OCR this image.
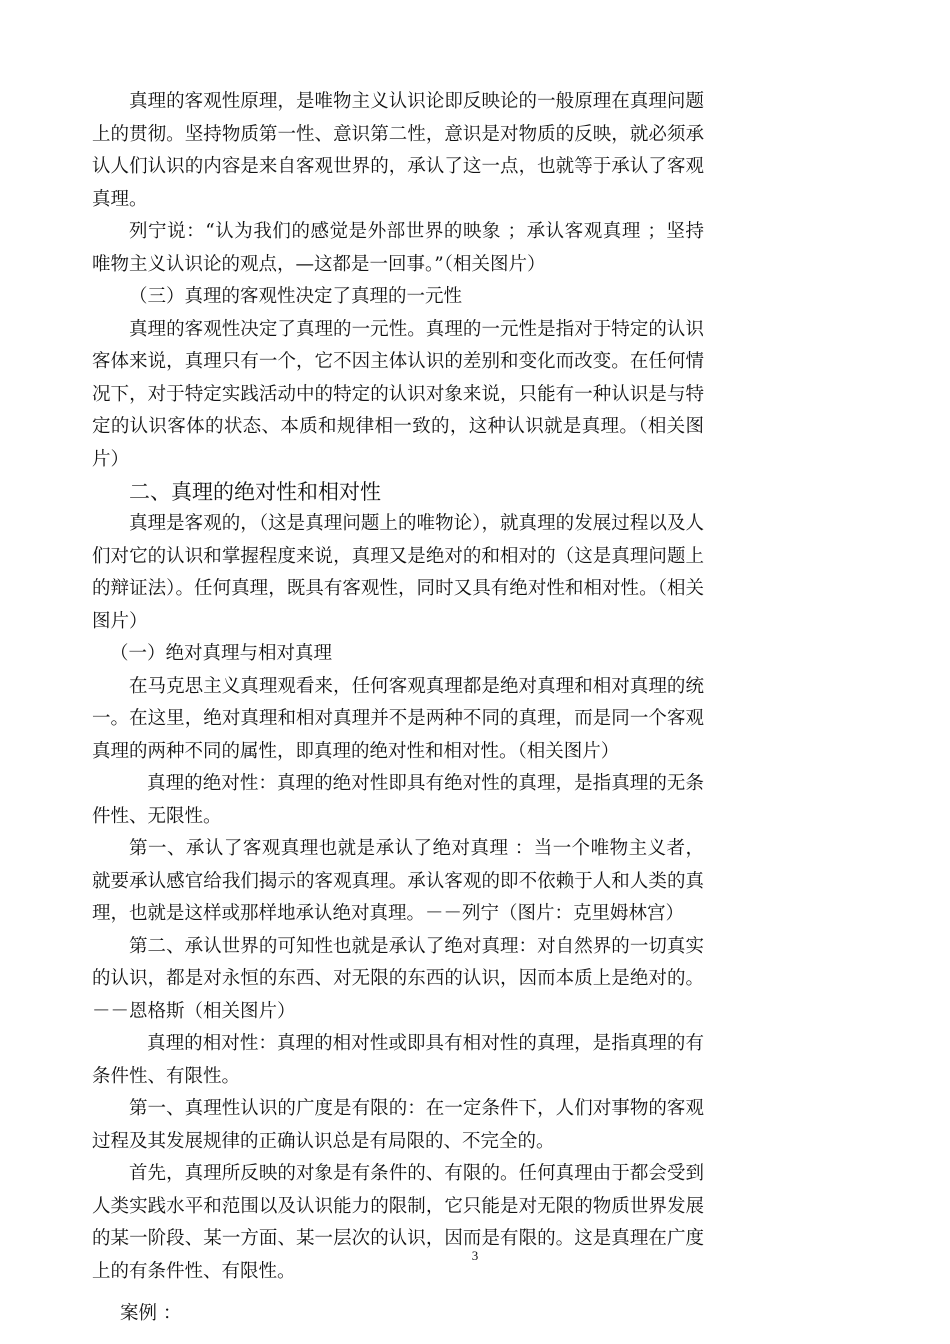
真理的客观性原理，是唯物主义认识论即反映论的一般原理在真理问题上的贯彻。坚持物质第一性、意识第二性，意识是对物质的反映，就必须承认人们认识的内容是来自客观世界的，承认了这一点，也就等于承认了客观真理。

列宁说：“认为我们的感觉是外部世界的映象 ；承认客观真理 ；坚持唯物主义认识论的观点，—这都是一回事。”（相关图片）

（三）真理的客观性决定了真理的一元性

真理的客观性决定了真理的一元性。真理的一元性是指对于特定的认识客体来说，真理只有一个，它不因主体认识的差别和变化而改变。在任何情况下，对于特定实践活动中的特定的认识对象来说，只能有一种认识是与特定的认识客体的状态、本质和规律相一致的，这种认识就是真理。（相关图片）

二、真理的绝对性和相对性

真理是客观的，（这是真理问题上的唯物论），就真理的发展过程以及人们对它的认识和掌握程度来说，真理又是绝对的和相对的（这是真理问题上的辩证法）。任何真理，既具有客观性，同时又具有绝对性和相对性。（相关图片）

（一）绝对真理与相对真理

在马克思主义真理观看来，任何客观真理都是绝对真理和相对真理的统一。在这里，绝对真理和相对真理并不是两种不同的真理，而是同一个客观真理的两种不同的属性，即真理的绝对性和相对性。（相关图片）

真理的绝对性：真理的绝对性即具有绝对性的真理，是指真理的无条件性、无限性。

第一、承认了客观真理也就是承认了绝对真理 ：当一个唯物主义者，就要承认感官给我们揭示的客观真理。承认客观的即不依赖于人和人类的真理，也就是这样或那样地承认绝对真理。－－列宁（图片：克里姆林宫）

第二、承认世界的可知性也就是承认了绝对真理：对自然界的一切真实的认识，都是对永恒的东西、对无限的东西的认识，因而本质上是绝对的。－－恩格斯（相关图片）

真理的相对性：真理的相对性或即具有相对性的真理，是指真理的有条件性、有限性。

第一、真理性认识的广度是有限的：在一定条件下，人们对事物的客观过程及其发展规律的正确认识总是有局限的、不完全的。

首先，真理所反映的对象是有条件的、有限的。任何真理由于都会受到人类实践水平和范围以及认识能力的限制，它只能是对无限的物质世界发展的某一阶段、某一方面、某一层次的认识，因而是有限的。这是真理在广度上的有条件性、有限性。

案例 ：

3
